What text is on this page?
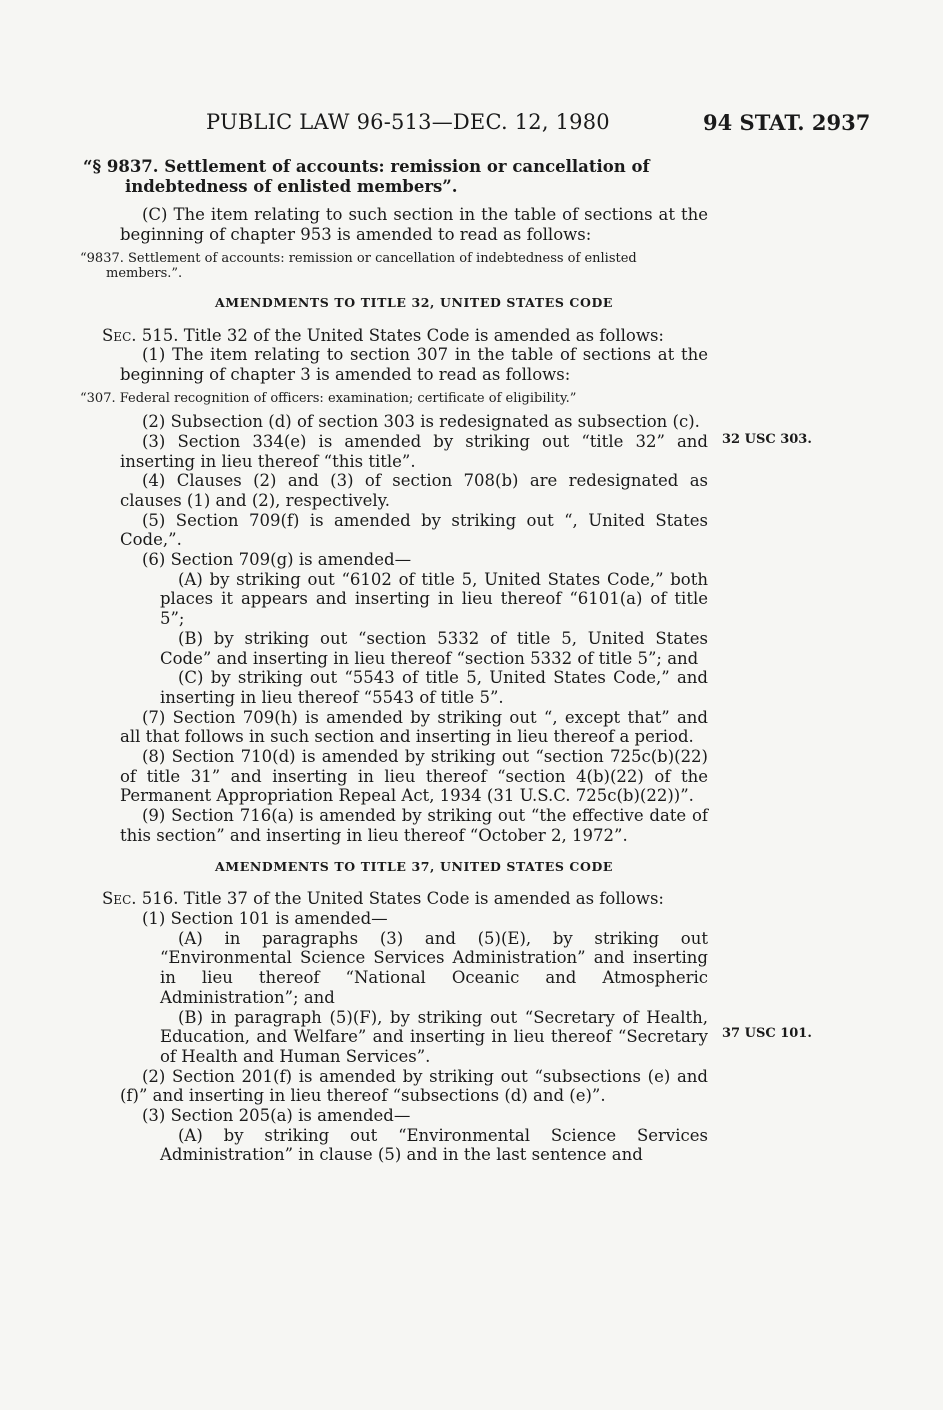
PUBLIC LAW 96-513—DEC. 12, 1980	94 STAT. 2937
32 USC 303.
37 USC 101.
“§ 9837. Settlement of accounts: remission or cancellation of indebtedness of enlisted members”.
(C) The item relating to such section in the table of sections at the beginning of chapter 953 is amended to read as follows:
“9837. Settlement of accounts: remission or cancellation of indebtedness of enlisted members.”.
AMENDMENTS TO TITLE 32, UNITED STATES CODE
Sec. 515. Title 32 of the United States Code is amended as follows:
(1) The item relating to section 307 in the table of sections at the beginning of chapter 3 is amended to read as follows:
“307. Federal recognition of officers: examination; certificate of eligibility.”
(2) Subsection (d) of section 303 is redesignated as subsection (c).
(3) Section 334(e) is amended by striking out “title 32” and inserting in lieu thereof “this title”.
(4) Clauses (2) and (3) of section 708(b) are redesignated as clauses (1) and (2), respectively.
(5) Section 709(f) is amended by striking out “, United States Code,”.
(6) Section 709(g) is amended—
(A) by striking out “6102 of title 5, United States Code,” both places it appears and inserting in lieu thereof “6101(a) of title 5”;
(B) by striking out “section 5332 of title 5, United States Code” and inserting in lieu thereof “section 5332 of title 5”; and
(C) by striking out “5543 of title 5, United States Code,” and inserting in lieu thereof “5543 of title 5”.
(7) Section 709(h) is amended by striking out “, except that” and all that follows in such section and inserting in lieu thereof a period.
(8) Section 710(d) is amended by striking out “section 725c(b)(22) of title 31” and inserting in lieu thereof “section 4(b)(22) of the Permanent Appropriation Repeal Act, 1934 (31 U.S.C. 725c(b)(22))”.
(9) Section 716(a) is amended by striking out “the effective date of this section” and inserting in lieu thereof “October 2, 1972”.
AMENDMENTS TO TITLE 37, UNITED STATES CODE
Sec. 516. Title 37 of the United States Code is amended as follows:
(1) Section 101 is amended—
(A) in paragraphs (3) and (5)(E), by striking out “Environmental Science Services Administration” and inserting in lieu thereof “National Oceanic and Atmospheric Administration”; and
(B) in paragraph (5)(F), by striking out “Secretary of Health, Education, and Welfare” and inserting in lieu thereof “Secretary of Health and Human Services”.
(2) Section 201(f) is amended by striking out “subsections (e) and (f)” and inserting in lieu thereof “subsections (d) and (e)”.
(3) Section 205(a) is amended—
(A) by striking out “Environmental Science Services Administration” in clause (5) and in the last sentence and
